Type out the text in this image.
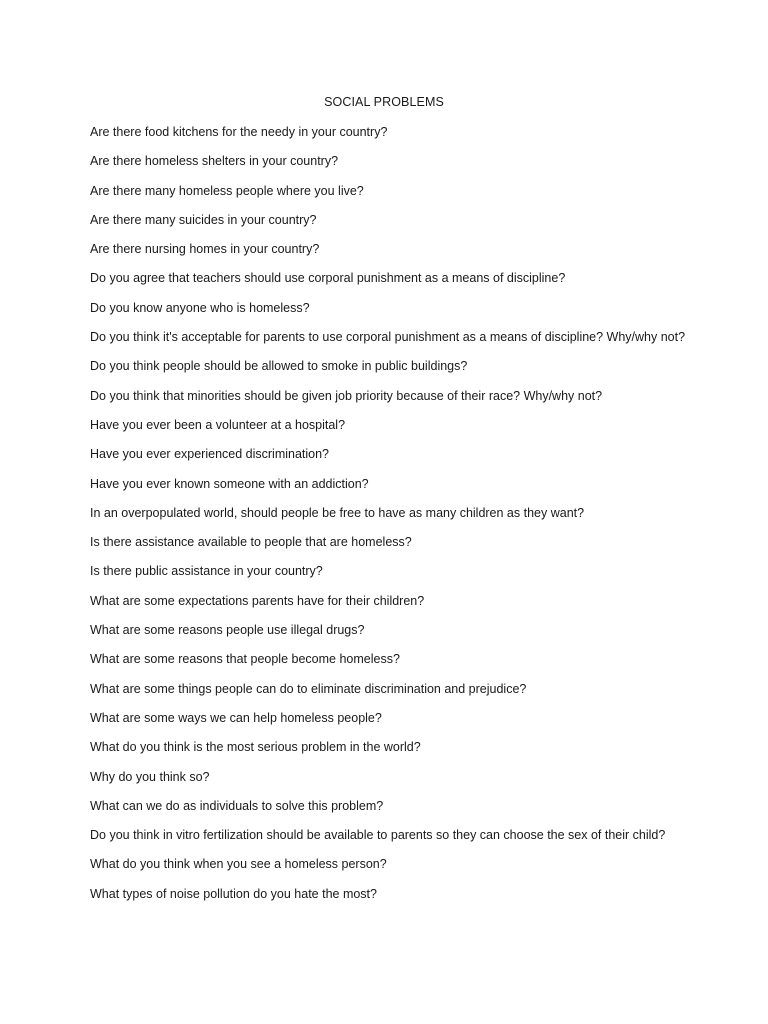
SOCIAL PROBLEMS
Are there food kitchens for the needy in your country?
Are there homeless shelters in your country?
Are there many homeless people where you live?
Are there many suicides in your country?
Are there nursing homes in your country?
Do you agree that teachers should use corporal punishment as a means of discipline?
Do you know anyone who is homeless?
Do you think it's acceptable for parents to use corporal punishment as a means of discipline? Why/why not?
Do you think people should be allowed to smoke in public buildings?
Do you think that minorities should be given job priority because of their race? Why/why not?
Have you ever been a volunteer at a hospital?
Have you ever experienced discrimination?
Have you ever known someone with an addiction?
In an overpopulated world, should people be free to have as many children as they want?
Is there assistance available to people that are homeless?
Is there public assistance in your country?
What are some expectations parents have for their children?
What are some reasons people use illegal drugs?
What are some reasons that people become homeless?
What are some things people can do to eliminate discrimination and prejudice?
What are some ways we can help homeless people?
What do you think is the most serious problem in the world?
Why do you think so?
What can we do as individuals to solve this problem?
Do you think in vitro fertilization should be available to parents so they can choose the sex of their child?
What do you think when you see a homeless person?
What types of noise pollution do you hate the most?
